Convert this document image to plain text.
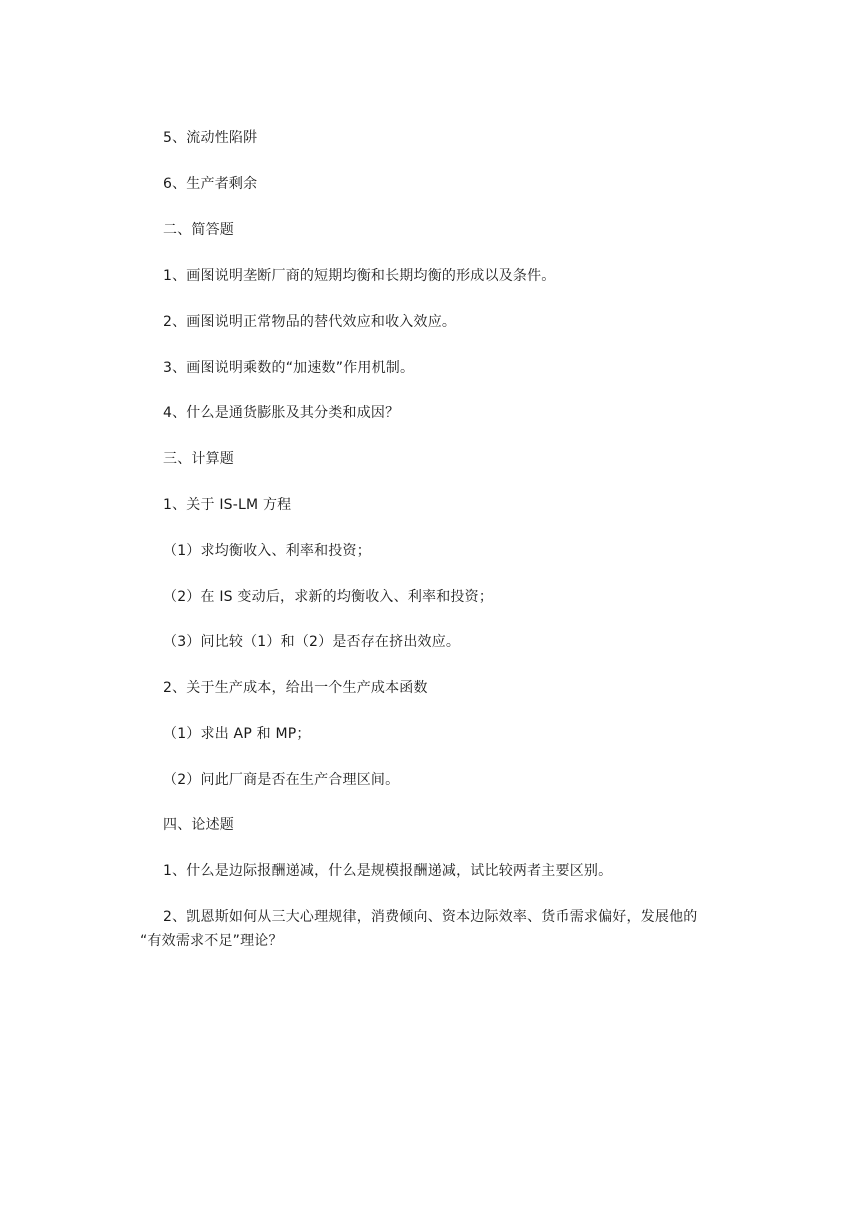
5、流动性陷阱
6、生产者剩余
二、简答题
1、画图说明垄断厂商的短期均衡和长期均衡的形成以及条件。
2、画图说明正常物品的替代效应和收入效应。
3、画图说明乘数的“加速数”作用机制。
4、什么是通货膨胀及其分类和成因？
三、计算题
1、关于 IS-LM 方程
（1）求均衡收入、利率和投资；
（2）在 IS 变动后，求新的均衡收入、利率和投资；
（3）问比较（1）和（2）是否存在挤出效应。
2、关于生产成本，给出一个生产成本函数
（1）求出 AP 和 MP；
（2）问此厂商是否在生产合理区间。
四、论述题
1、什么是边际报酬递减，什么是规模报酬递减，试比较两者主要区别。
2、凯恩斯如何从三大心理规律，消费倾向、资本边际效率、货币需求偏好，发展他的
“有效需求不足”理论？
